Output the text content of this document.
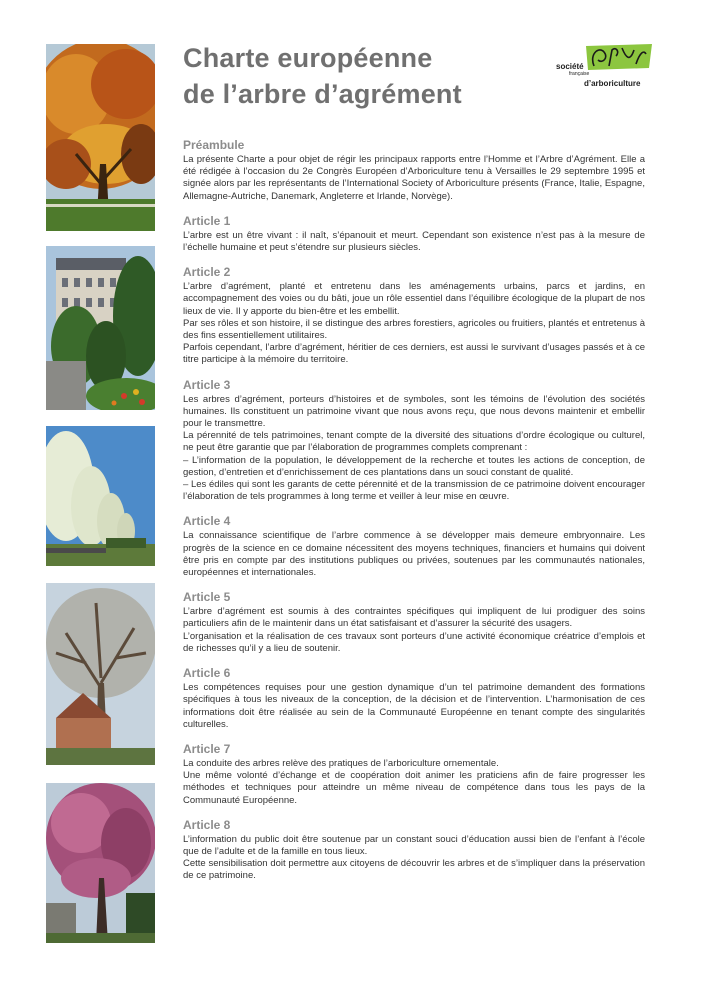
Charte européenne
de l’arbre d’agrément
société
française
d’arboriculture
Préambule

La présente Charte a pour objet de régir les principaux rapports entre l’Homme et l’Arbre d’Agrément. Elle a été rédigée à l’occasion du 2e Congrès Européen d’Arboriculture tenu à Versailles le 29 septembre 1995 et signée alors par les représentants de l’International Society of Arboriculture présents (France, Italie, Espagne, Allemagne-Autriche, Danemark, Angleterre et Irlande, Norvège).

Article 1

L’arbre est un être vivant : il naît, s’épanouit et meurt. Cependant son existence n’est pas à la mesure de l’échelle humaine et peut s’étendre sur plusieurs siècles.

Article 2

L’arbre d’agrément, planté et entretenu dans les aménagements urbains, parcs et jardins, en accompagnement des voies ou du bâti, joue un rôle essentiel dans l’équilibre écologique de la plupart de nos lieux de vie. Il y apporte du bien-être et les embellit.

Par ses rôles et son histoire, il se distingue des arbres forestiers, agricoles ou fruitiers, plantés et entretenus à des fins essentiellement utilitaires.

Parfois cependant, l’arbre d’agrément, héritier de ces derniers, est aussi le survivant d’usages passés et à ce titre participe à la mémoire du territoire.

Article 3

Les arbres d’agrément, porteurs d’histoires et de symboles, sont les témoins de l’évolution des sociétés humaines. Ils constituent un patrimoine vivant que nous avons reçu, que nous devons maintenir et embellir pour le transmettre.

La pérennité de tels patrimoines, tenant compte de la diversité des situations d’ordre écologique ou culturel, ne peut être garantie que par l’élaboration de programmes complets comprenant :

– L’information de la population, le développement de la recherche et toutes les actions de conception, de gestion, d’entretien et d’enrichissement de ces plantations dans un souci constant de qualité.

– Les édiles qui sont les garants de cette pérennité et de la transmission de ce patrimoine doivent encourager l’élaboration de tels programmes à long terme et veiller à leur mise en œuvre.

Article 4

La connaissance scientifique de l’arbre commence à se développer mais demeure embryonnaire. Les progrès de la science en ce domaine nécessitent des moyens techniques, financiers et humains qui doivent être pris en compte par des institutions publiques ou privées, soutenues par les communautés nationales, européennes et internationales.

Article 5

L’arbre d’agrément est soumis à des contraintes spécifiques qui impliquent de lui prodiguer des soins particuliers afin de le maintenir dans un état satisfaisant et d’assurer la sécurité des usagers.

L’organisation et la réalisation de ces travaux sont porteurs d’une activité économique créatrice d’emplois et de richesses qu’il y a lieu de soutenir.

Article 6

Les compétences requises pour une gestion dynamique d’un tel patrimoine demandent des formations spécifiques à tous les niveaux de la conception, de la décision et de l’intervention. L’harmonisation de ces informations doit être réalisée au sein de la Communauté Européenne en tenant compte des singularités culturelles.

Article 7

La conduite des arbres relève des pratiques de l’arboriculture ornementale.

Une même volonté d’échange et de coopération doit animer les praticiens afin de faire progresser les méthodes et techniques pour atteindre un même niveau de compétence dans tous les pays de la Communauté Européenne.

Article 8

L’information du public doit être soutenue par un constant souci d’éducation aussi bien de l’enfant à l’école que de l’adulte et de la famille en tous lieux.

Cette sensibilisation doit permettre aux citoyens de découvrir les arbres et de s’impliquer dans la préservation de ce patrimoine.
